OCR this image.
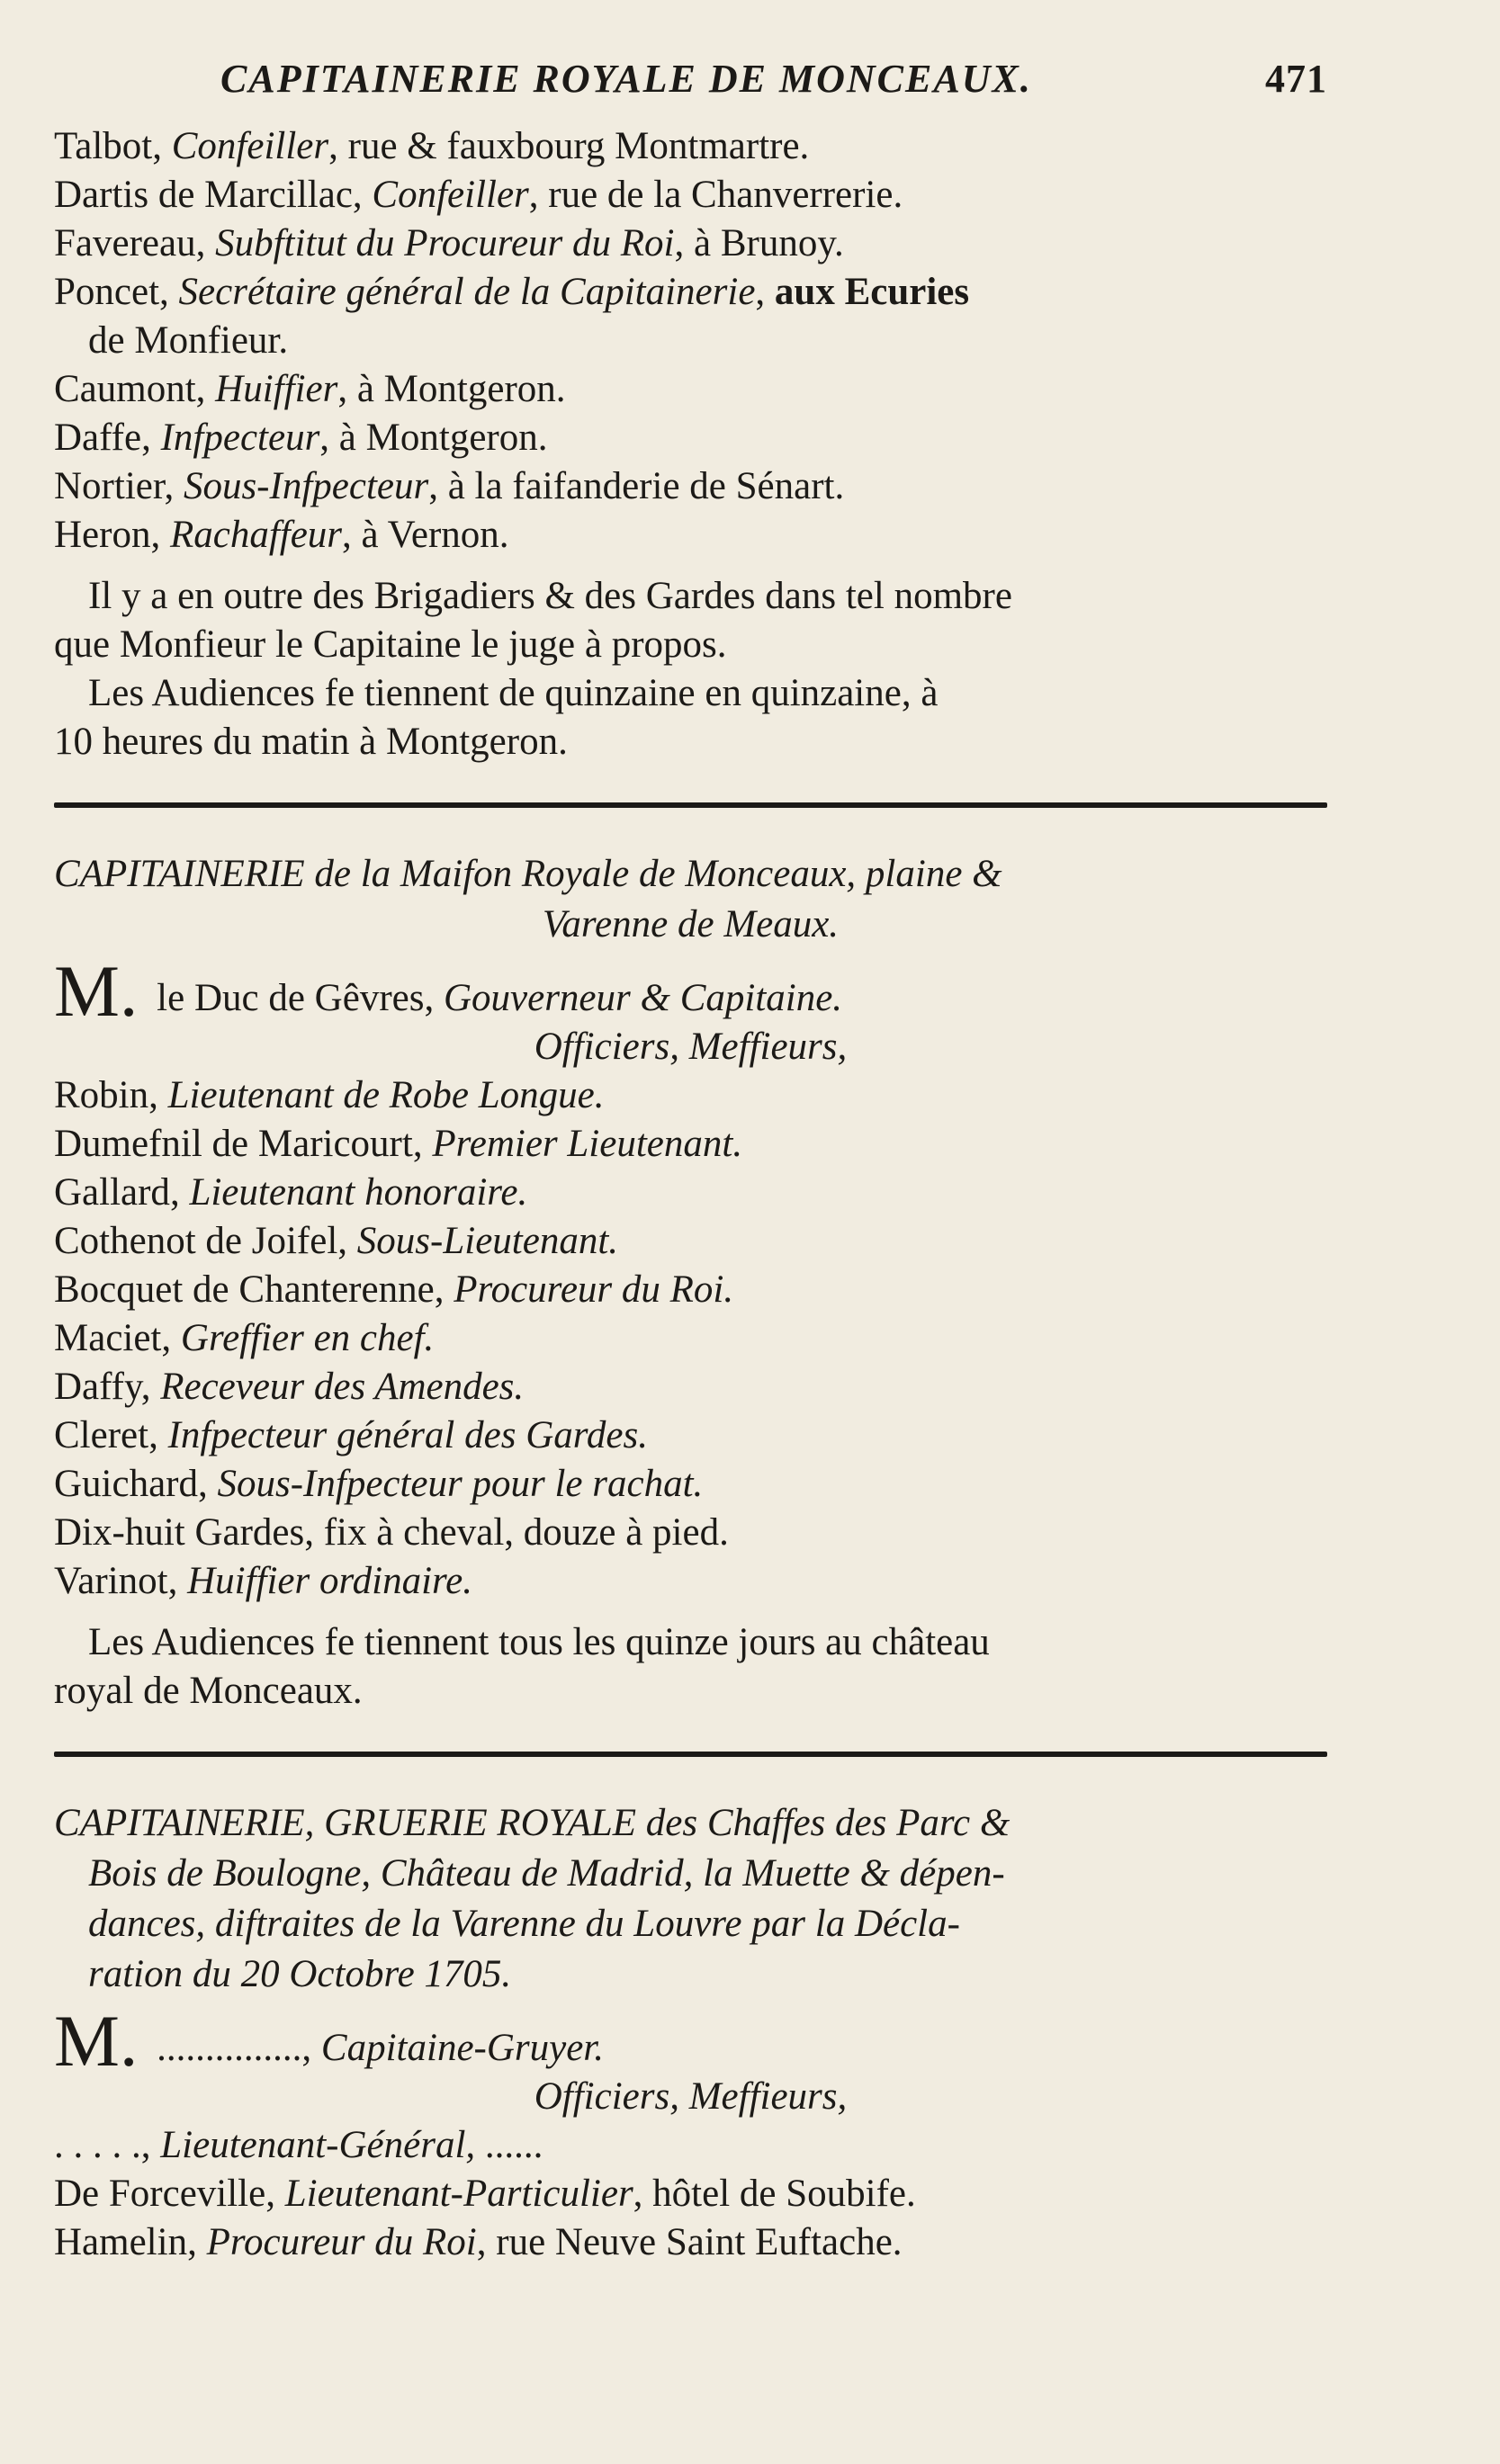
CAPITAINERIE ROYALE DE MONCEAUX.	471
Talbot, Confeiller, rue & fauxbourg Montmartre.
Dartis de Marcillac, Confeiller, rue de la Chanverrerie.
Favereau, Subftitut du Procureur du Roi, à Brunoy.
Poncet, Secrétaire général de la Capitainerie, aux Ecuries
de Monfieur.
Caumont, Huiffier, à Montgeron.
Daffe, Infpecteur, à Montgeron.
Nortier, Sous-Infpecteur, à la faifanderie de Sénart.
Heron, Rachaffeur, à Vernon.
Il y a en outre des Brigadiers & des Gardes dans tel nombre
que Monfieur le Capitaine le juge à propos.
Les Audiences fe tiennent de quinzaine en quinzaine, à
10 heures du matin à Montgeron.
CAPITAINERIE de la Maifon Royale de Monceaux, plaine &
Varenne de Meaux.
M. le Duc de Gêvres, Gouverneur & Capitaine.
Officiers, Meffieurs,
Robin, Lieutenant de Robe Longue.
Dumefnil de Maricourt, Premier Lieutenant.
Gallard, Lieutenant honoraire.
Cothenot de Joifel, Sous-Lieutenant.
Bocquet de Chanterenne, Procureur du Roi.
Maciet, Greffier en chef.
Daffy, Receveur des Amendes.
Cleret, Infpecteur général des Gardes.
Guichard, Sous-Infpecteur pour le rachat.
Dix-huit Gardes, fix à cheval, douze à pied.
Varinot, Huiffier ordinaire.
Les Audiences fe tiennent tous les quinze jours au château
royal de Monceaux.
CAPITAINERIE, GRUERIE ROYALE des Chaffes des Parc &
Bois de Boulogne, Château de Madrid, la Muette & dépen-
dances, diftraites de la Varenne du Louvre par la Décla-
ration du 20 Octobre 1705.
M. ..............., Capitaine-Gruyer.
Officiers, Meffieurs,
. . . . ., Lieutenant-Général, ......
De Forceville, Lieutenant-Particulier, hôtel de Soubife.
Hamelin, Procureur du Roi, rue Neuve Saint Euftache.
